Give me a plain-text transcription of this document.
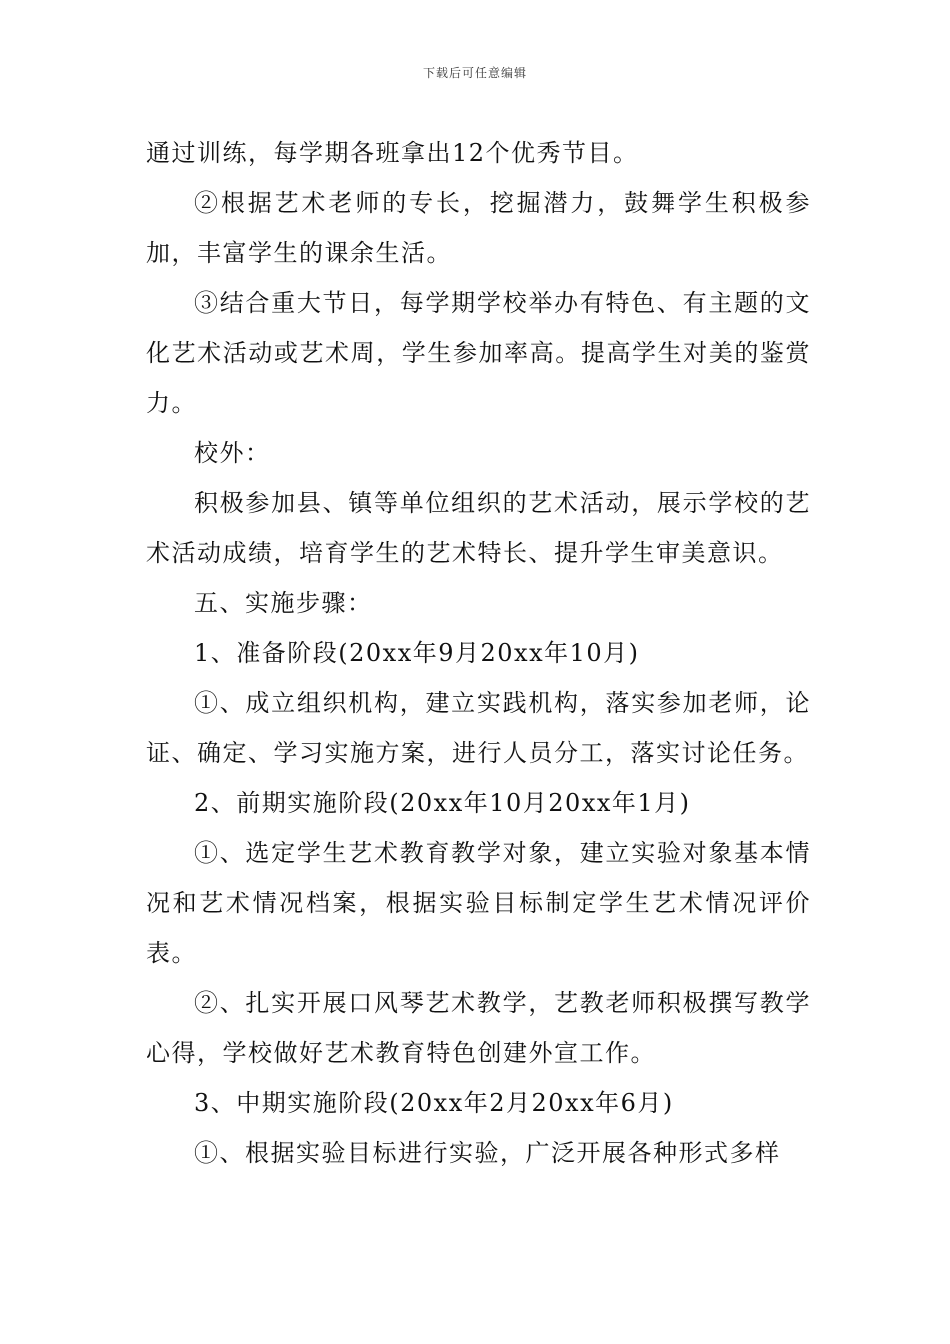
下载后可任意编辑

通过训练，每学期各班拿出12个优秀节目。

②根据艺术老师的专长，挖掘潜力，鼓舞学生积极参加，丰富学生的课余生活。

③结合重大节日，每学期学校举办有特色、有主题的文化艺术活动或艺术周，学生参加率高。提高学生对美的鉴赏力。

校外：

积极参加县、镇等单位组织的艺术活动，展示学校的艺术活动成绩，培育学生的艺术特长、提升学生审美意识。

五、实施步骤：

1、准备阶段(20xx年9月20xx年10月)

①、成立组织机构，建立实践机构，落实参加老师，论证、确定、学习实施方案，进行人员分工，落实讨论任务。

2、前期实施阶段(20xx年10月20xx年1月)

①、选定学生艺术教育教学对象，建立实验对象基本情况和艺术情况档案，根据实验目标制定学生艺术情况评价表。

②、扎实开展口风琴艺术教学，艺教老师积极撰写教学心得，学校做好艺术教育特色创建外宣工作。

3、中期实施阶段(20xx年2月20xx年6月)

①、根据实验目标进行实验，广泛开展各种形式多样
